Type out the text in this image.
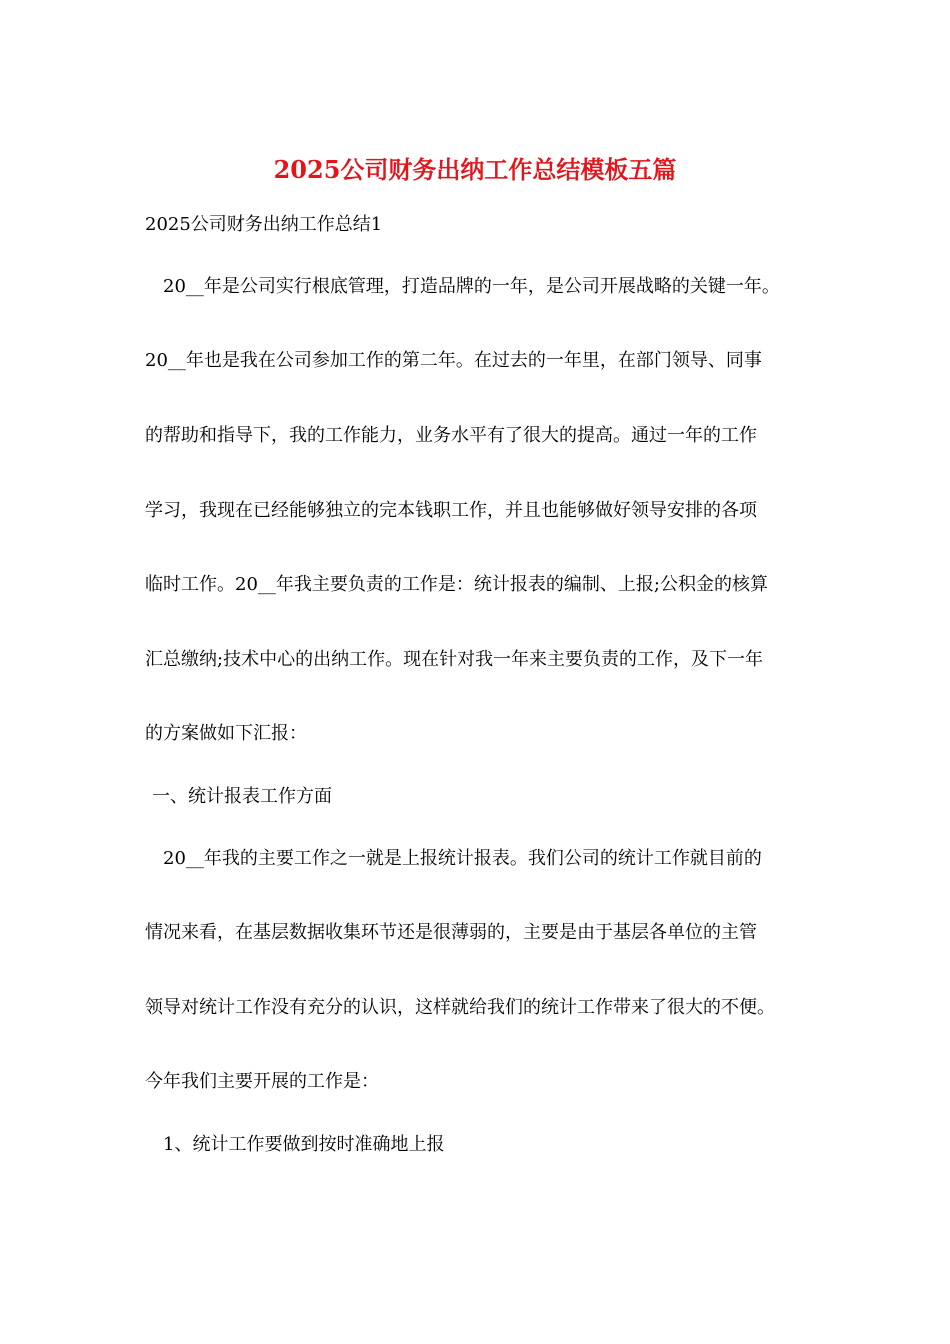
2025公司财务出纳工作总结模板五篇
2025公司财务出纳工作总结1
20__年是公司实行根底管理，打造品牌的一年，是公司开展战略的关键一年。
20__年也是我在公司参加工作的第二年。在过去的一年里，在部门领导、同事
的帮助和指导下，我的工作能力，业务水平有了很大的提高。通过一年的工作
学习，我现在已经能够独立的完本钱职工作，并且也能够做好领导安排的各项
临时工作。20__年我主要负责的工作是：统计报表的编制、上报;公积金的核算
汇总缴纳;技术中心的出纳工作。现在针对我一年来主要负责的工作，及下一年
的方案做如下汇报：
一、统计报表工作方面
20__年我的主要工作之一就是上报统计报表。我们公司的统计工作就目前的
情况来看，在基层数据收集环节还是很薄弱的，主要是由于基层各单位的主管
领导对统计工作没有充分的认识，这样就给我们的统计工作带来了很大的不便。
今年我们主要开展的工作是：
1、统计工作要做到按时准确地上报
